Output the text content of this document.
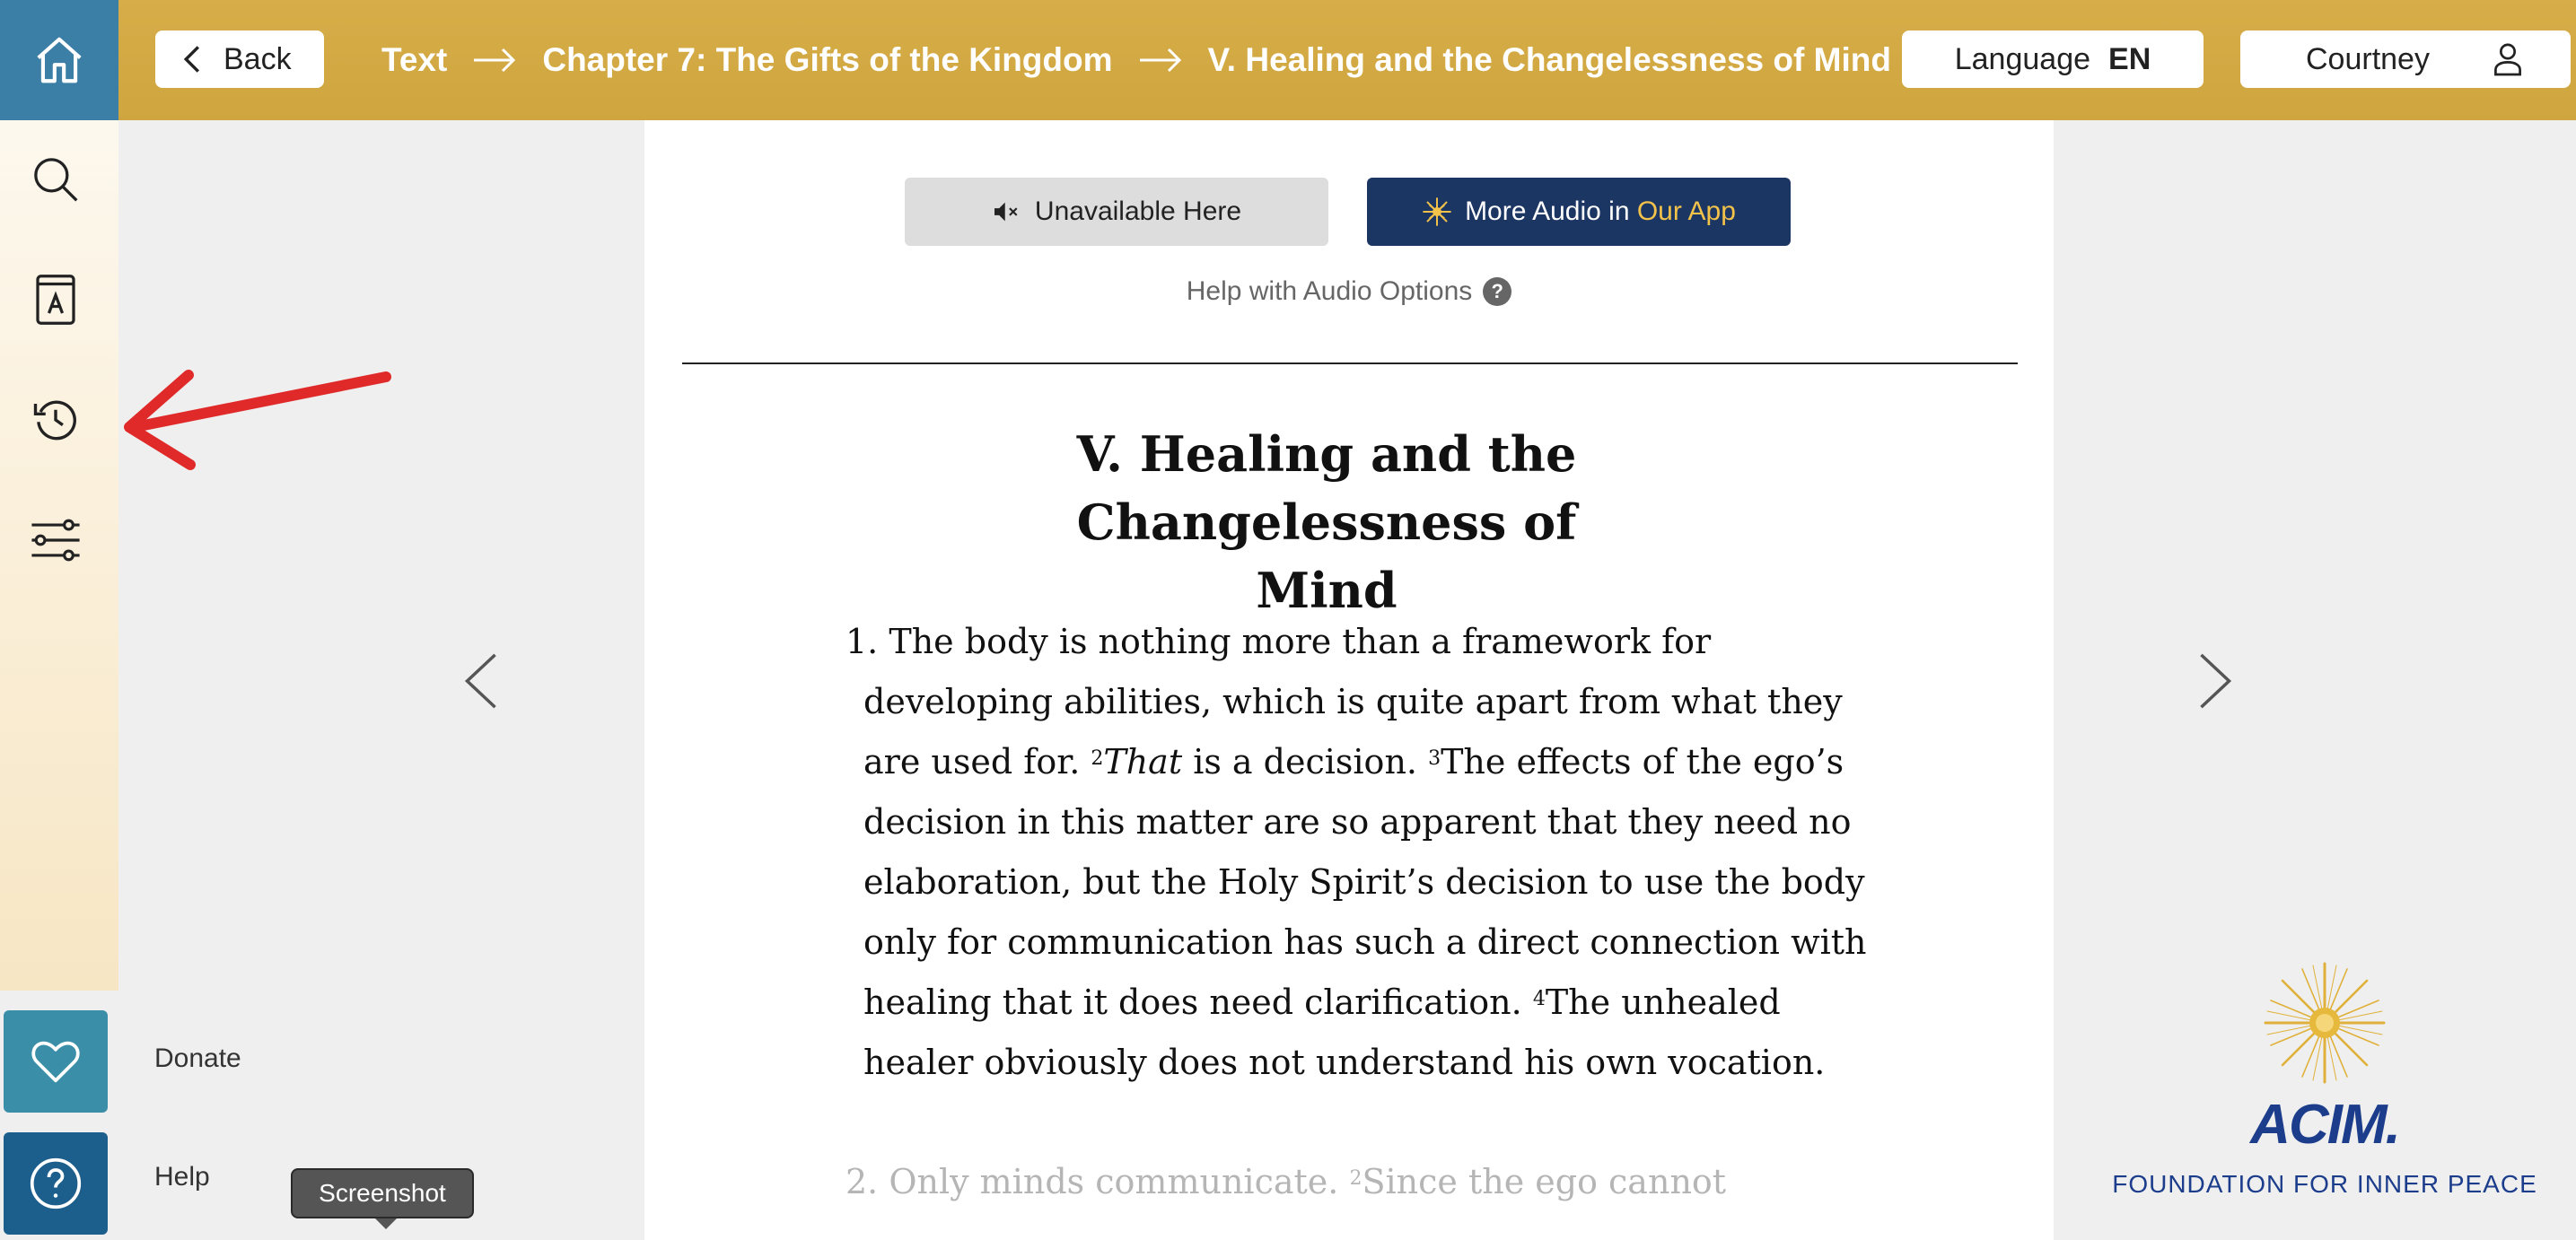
Back	Text	Chapter 7: The Gifts of the Kingdom	V. Healing and the Changelessness of Mind Language EN	Courtney
Donate
Help
Screenshot
Unavailable Here	More Audio in Our App
Help with Audio Options ?
V. Healing and the Changelessness of
Mind
1. The body is nothing more than a framework for
developing abilities, which is quite apart from what they
are used for. $^2$That is a decision. $^3$The effects of the ego’s
decision in this matter are so apparent that they need no
elaboration, but the Holy Spirit’s decision to use the body
only for communication has such a direct connection with
healing that it does need clarification. $^4$The unhealed
healer obviously does not understand his own vocation.
2. Only minds communicate. $^2$Since the ego cannot
ACIM.
FOUNDATION FOR INNER PEACE
